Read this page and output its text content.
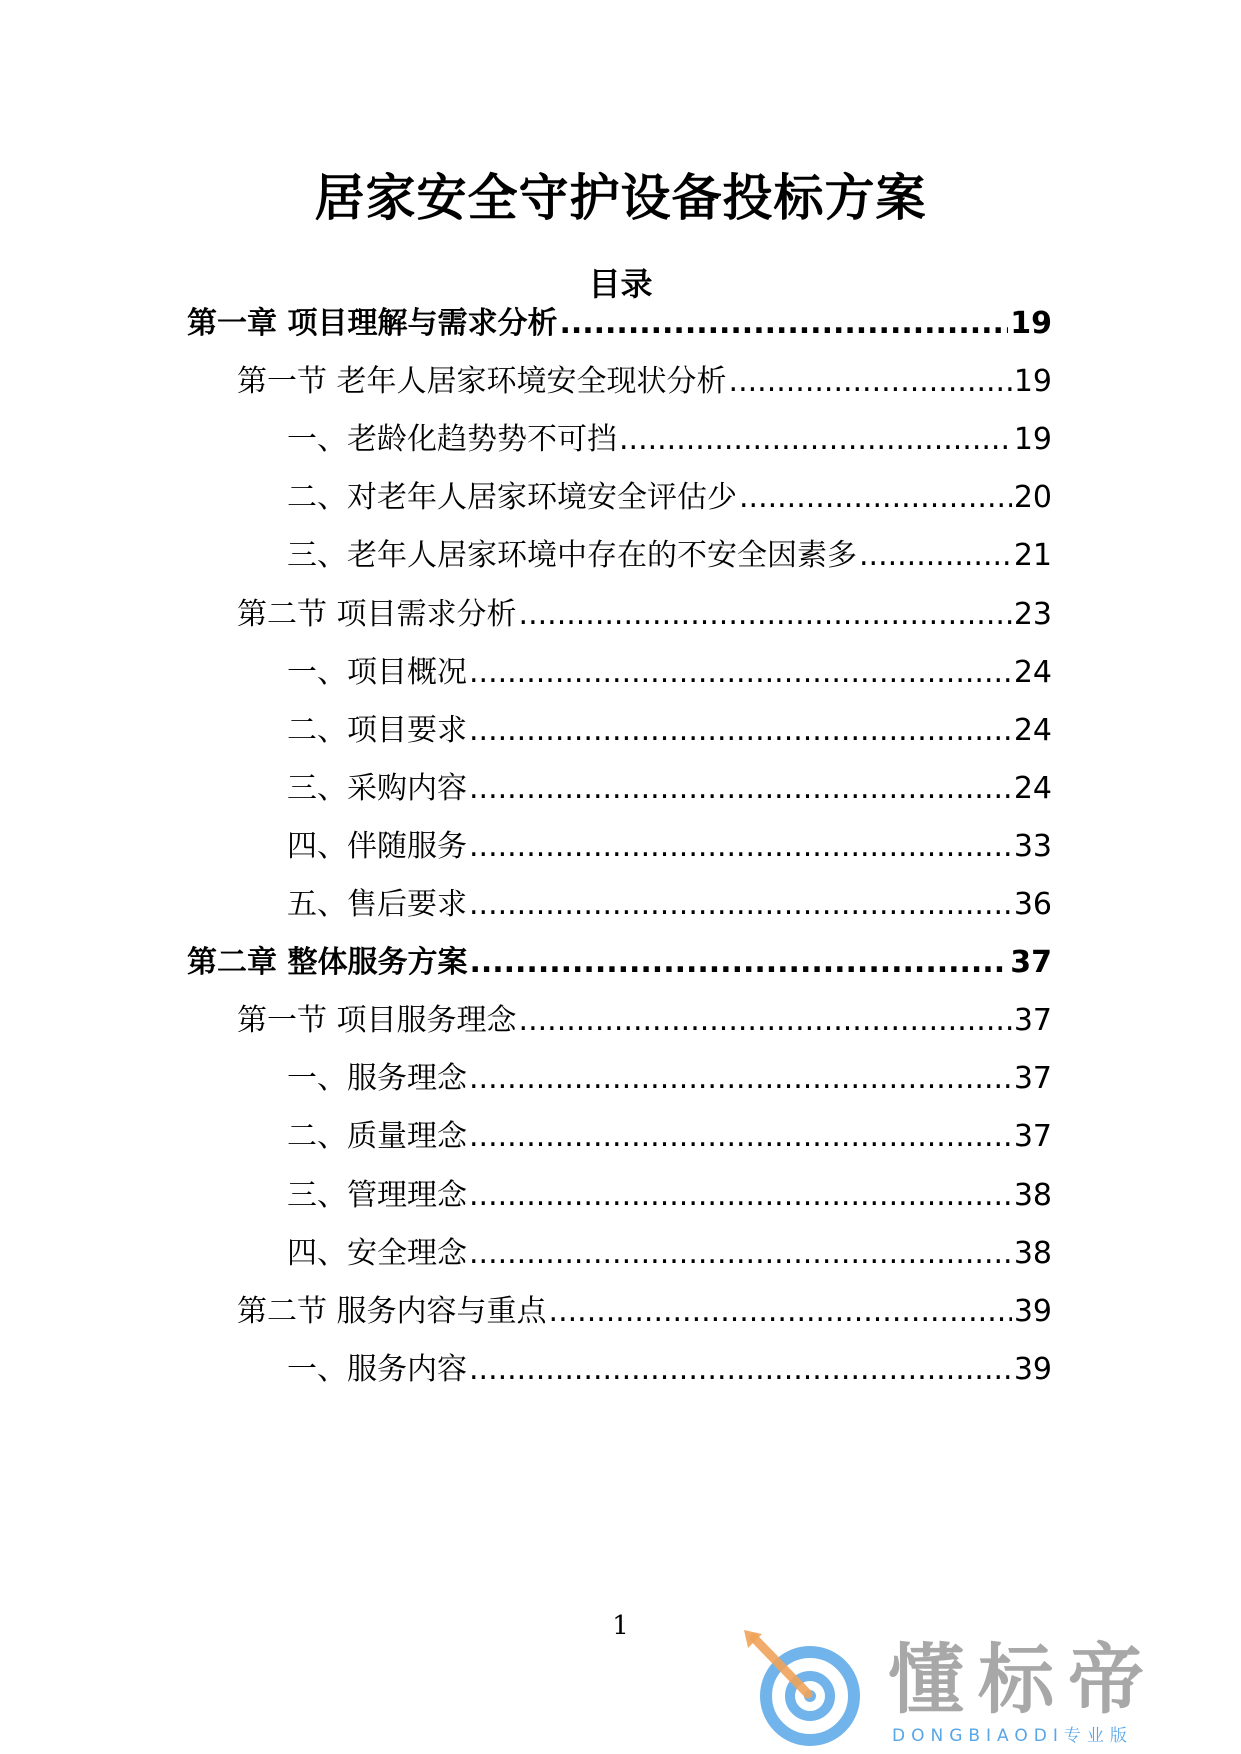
居家安全守护设备投标方案
目录
第一章 项目理解与需求分析 .....	19
第一节 老年人居家环境安全现状分析 .....	19
一、老龄化趋势势不可挡 .....	19
二、对老年人居家环境安全评估少 .....	20
三、老年人居家环境中存在的不安全因素多 .....	21
第二节 项目需求分析 .....	23
一、项目概况 .....	24
二、项目要求 .....	24
三、采购内容 .....	24
四、伴随服务 .....	33
五、售后要求 .....	36
第二章 整体服务方案 .....	37
第一节 项目服务理念 .....	37
一、服务理念 .....	37
二、质量理念 .....	37
三、管理理念 .....	38
四、安全理念 .....	38
第二节 服务内容与重点 .....	39
一、服务内容 .....	39
1
懂标帝
DONGBIAODI专业版
